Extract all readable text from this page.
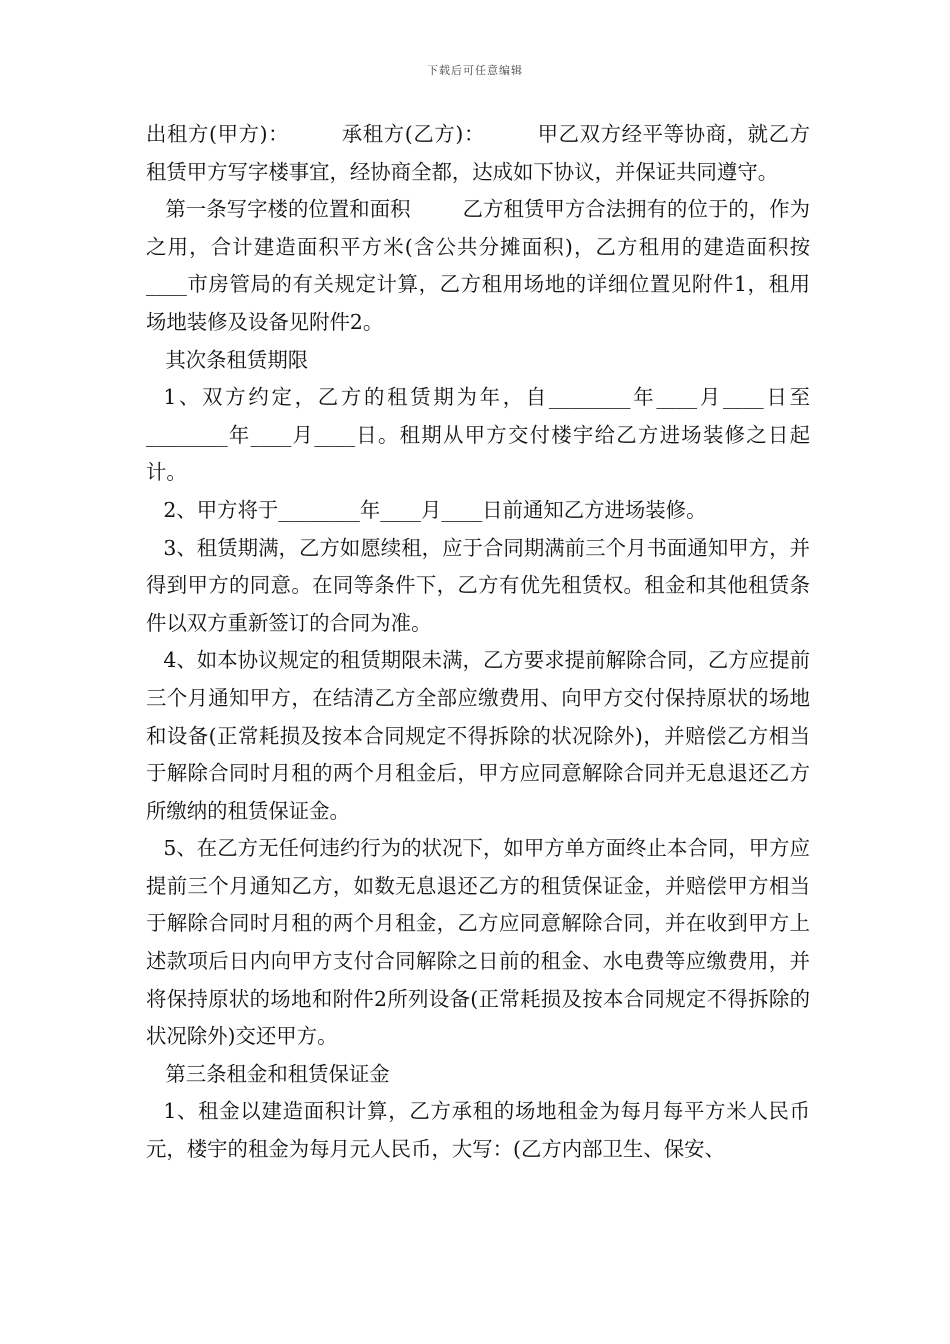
下载后可任意编辑

出租方(甲方)：	承租方(乙方)：	甲乙双方经平等协商，就乙方租赁甲方写字楼事宜，经协商全都，达成如下协议，并保证共同遵守。

第一条写字楼的位置和面积	乙方租赁甲方合法拥有的位于的，作为之用，合计建造面积平方米(含公共分摊面积)，乙方租用的建造面积按____市房管局的有关规定计算，乙方租用场地的详细位置见附件1，租用场地装修及设备见附件2。

其次条租赁期限

1、双方约定，乙方的租赁期为年，自________年____月____日至________年____月____日。租期从甲方交付楼宇给乙方进场装修之日起计。

2、甲方将于________年____月____日前通知乙方进场装修。

3、租赁期满，乙方如愿续租，应于合同期满前三个月书面通知甲方，并得到甲方的同意。在同等条件下，乙方有优先租赁权。租金和其他租赁条件以双方重新签订的合同为准。

4、如本协议规定的租赁期限未满，乙方要求提前解除合同，乙方应提前三个月通知甲方，在结清乙方全部应缴费用、向甲方交付保持原状的场地和设备(正常耗损及按本合同规定不得拆除的状况除外)，并赔偿乙方相当于解除合同时月租的两个月租金后，甲方应同意解除合同并无息退还乙方所缴纳的租赁保证金。

5、在乙方无任何违约行为的状况下，如甲方单方面终止本合同，甲方应提前三个月通知乙方，如数无息退还乙方的租赁保证金，并赔偿甲方相当于解除合同时月租的两个月租金，乙方应同意解除合同，并在收到甲方上述款项后日内向甲方支付合同解除之日前的租金、水电费等应缴费用，并将保持原状的场地和附件2所列设备(正常耗损及按本合同规定不得拆除的状况除外)交还甲方。

第三条租金和租赁保证金

1、租金以建造面积计算，乙方承租的场地租金为每月每平方米人民币元，楼宇的租金为每月元人民币，大写：(乙方内部卫生、保安、
